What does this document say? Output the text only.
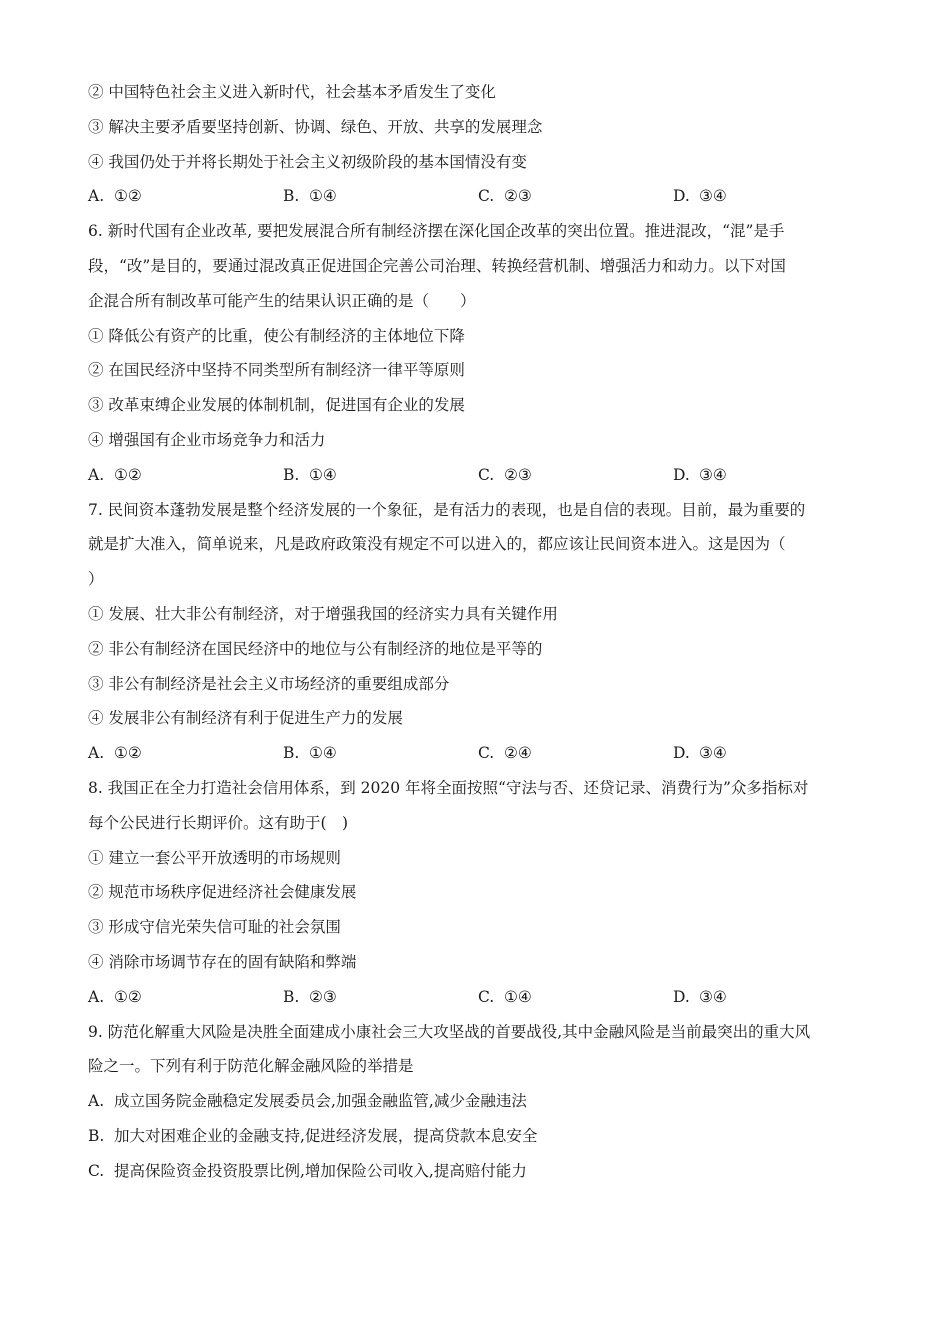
② 中国特色社会主义进入新时代，社会基本矛盾发生了变化
③ 解决主要矛盾要坚持创新、协调、绿色、开放、共享的发展理念
④ 我国仍处于并将长期处于社会主义初级阶段的基本国情没有变
A. ①②	B. ①④	C. ②③	D. ③④
6. 新时代国有企业改革, 要把发展混合所有制经济摆在深化国企改革的突出位置。推进混改，“混”是手
段，“改”是目的，要通过混改真正促进国企完善公司治理、转换经营机制、增强活力和动力。以下对国
企混合所有制改革可能产生的结果认识正确的是（　　）
① 降低公有资产的比重，使公有制经济的主体地位下降
② 在国民经济中坚持不同类型所有制经济一律平等原则
③ 改革束缚企业发展的体制机制，促进国有企业的发展
④ 增强国有企业市场竞争力和活力
A. ①②	B. ①④	C. ②③	D. ③④
7. 民间资本蓬勃发展是整个经济发展的一个象征，是有活力的表现，也是自信的表现。目前，最为重要的
就是扩大准入，简单说来，凡是政府政策没有规定不可以进入的，都应该让民间资本进入。这是因为（
）
① 发展、壮大非公有制经济，对于增强我国的经济实力具有关键作用
② 非公有制经济在国民经济中的地位与公有制经济的地位是平等的
③ 非公有制经济是社会主义市场经济的重要组成部分
④ 发展非公有制经济有利于促进生产力的发展
A. ①②	B. ①④	C. ②④	D. ③④
8. 我国正在全力打造社会信用体系，到 2020 年将全面按照“守法与否、还贷记录、消费行为”众多指标对
每个公民进行长期评价。这有助于(　)
① 建立一套公平开放透明的市场规则
② 规范市场秩序促进经济社会健康发展
③ 形成守信光荣失信可耻的社会氛围
④ 消除市场调节存在的固有缺陷和弊端
A. ①②	B. ②③	C. ①④	D. ③④
9. 防范化解重大风险是决胜全面建成小康社会三大攻坚战的首要战役,其中金融风险是当前最突出的重大风
险之一。下列有利于防范化解金融风险的举措是
A. 成立国务院金融稳定发展委员会,加强金融监管,减少金融违法
B. 加大对困难企业的金融支持,促进经济发展，提高贷款本息安全
C. 提高保险资金投资股票比例,增加保险公司收入,提高赔付能力
